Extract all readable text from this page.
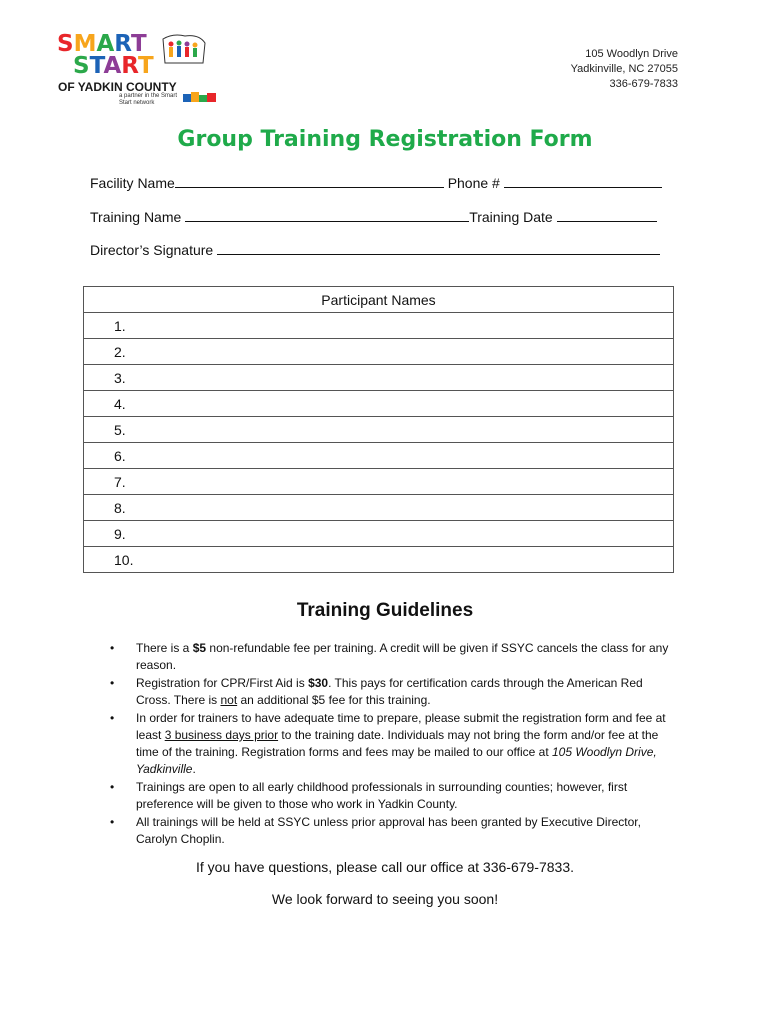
SMART
START
OF YADKIN COUNTY
a partner in the Smart Start network
105 Woodlyn Drive
Yadkinville, NC 27055
336-679-7833
Group Training Registration Form
Facility Name	Phone #
Training Name	Training Date
Director’s Signature
Participant Names
1.
2.
3.
4.
5.
6.
7.
8.
9.
10.
Training Guidelines
• There is a $5 non-refundable fee per training. A credit will be given if SSYC cancels the class for any reason.
• Registration for CPR/First Aid is $30. This pays for certification cards through the American Red Cross. There is not an additional $5 fee for this training.
• In order for trainers to have adequate time to prepare, please submit the registration form and fee at least 3 business days prior to the training date. Individuals may not bring the form and/or fee at the time of the training. Registration forms and fees may be mailed to our office at 105 Woodlyn Drive, Yadkinville.
• Trainings are open to all early childhood professionals in surrounding counties; however, first preference will be given to those who work in Yadkin County.
• All trainings will be held at SSYC unless prior approval has been granted by Executive Director, Carolyn Choplin.
If you have questions, please call our office at 336-679-7833.
We look forward to seeing you soon!
